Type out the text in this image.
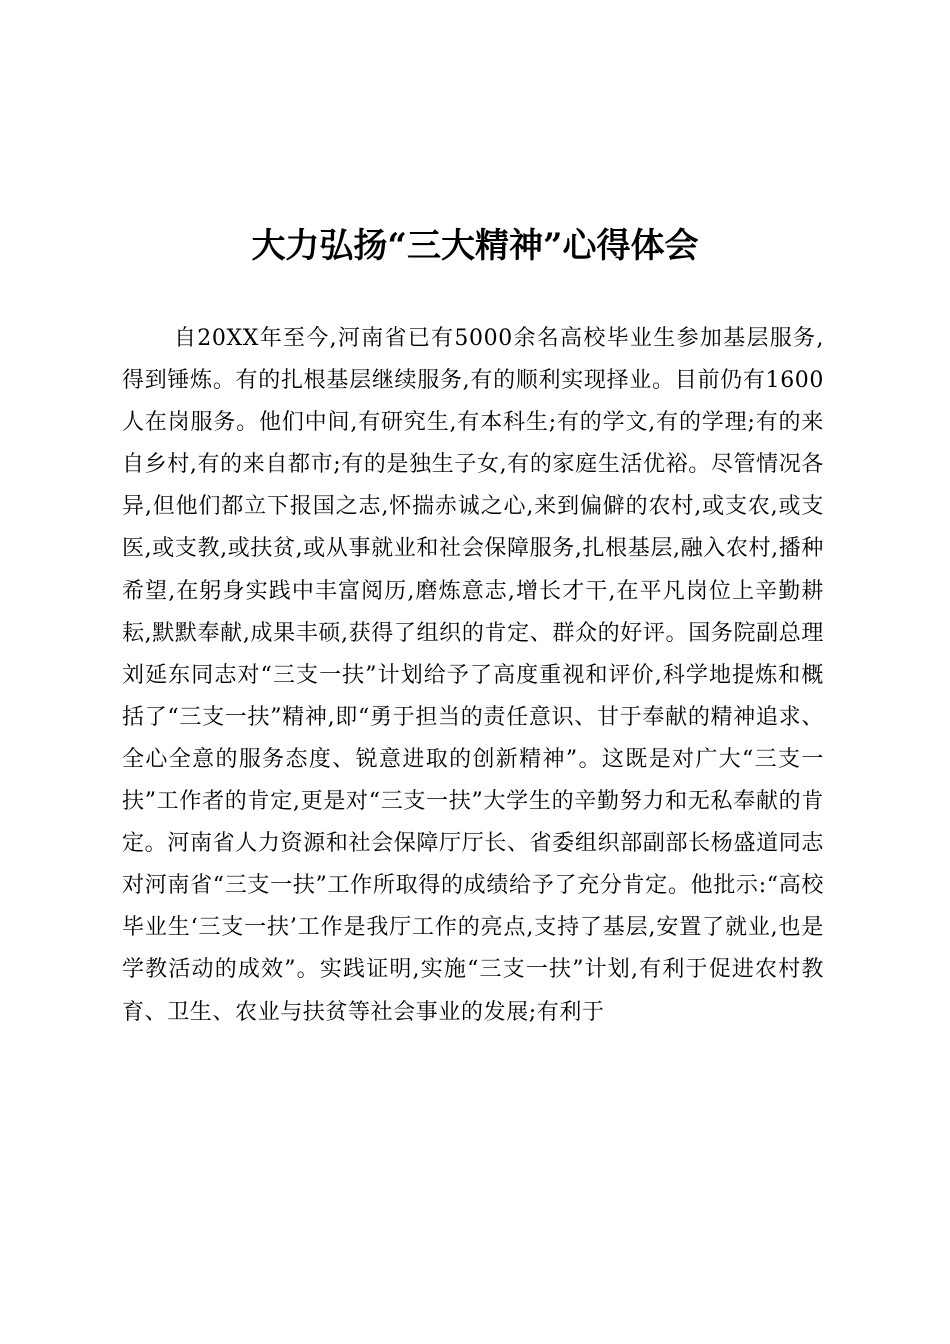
大力弘扬“三大精神”心得体会

自20XX年至今,河南省已有5000余名高校毕业生参加基层服务,得到锤炼。有的扎根基层继续服务,有的顺利实现择业。目前仍有1600人在岗服务。他们中间,有研究生,有本科生;有的学文,有的学理;有的来自乡村,有的来自都市;有的是独生子女,有的家庭生活优裕。尽管情况各异,但他们都立下报国之志,怀揣赤诚之心,来到偏僻的农村,或支农,或支医,或支教,或扶贫,或从事就业和社会保障服务,扎根基层,融入农村,播种希望,在躬身实践中丰富阅历,磨炼意志,增长才干,在平凡岗位上辛勤耕耘,默默奉献,成果丰硕,获得了组织的肯定、群众的好评。国务院副总理刘延东同志对“三支一扶”计划给予了高度重视和评价,科学地提炼和概括了“三支一扶”精神,即“勇于担当的责任意识、甘于奉献的精神追求、全心全意的服务态度、锐意进取的创新精神”。这既是对广大“三支一扶”工作者的肯定,更是对“三支一扶”大学生的辛勤努力和无私奉献的肯定。河南省人力资源和社会保障厅厅长、省委组织部副部长杨盛道同志对河南省“三支一扶”工作所取得的成绩给予了充分肯定。他批示:“高校毕业生‘三支一扶’工作是我厅工作的亮点,支持了基层,安置了就业,也是学教活动的成效”。实践证明,实施“三支一扶”计划,有利于促进农村教育、卫生、农业与扶贫等社会事业的发展;有利于
